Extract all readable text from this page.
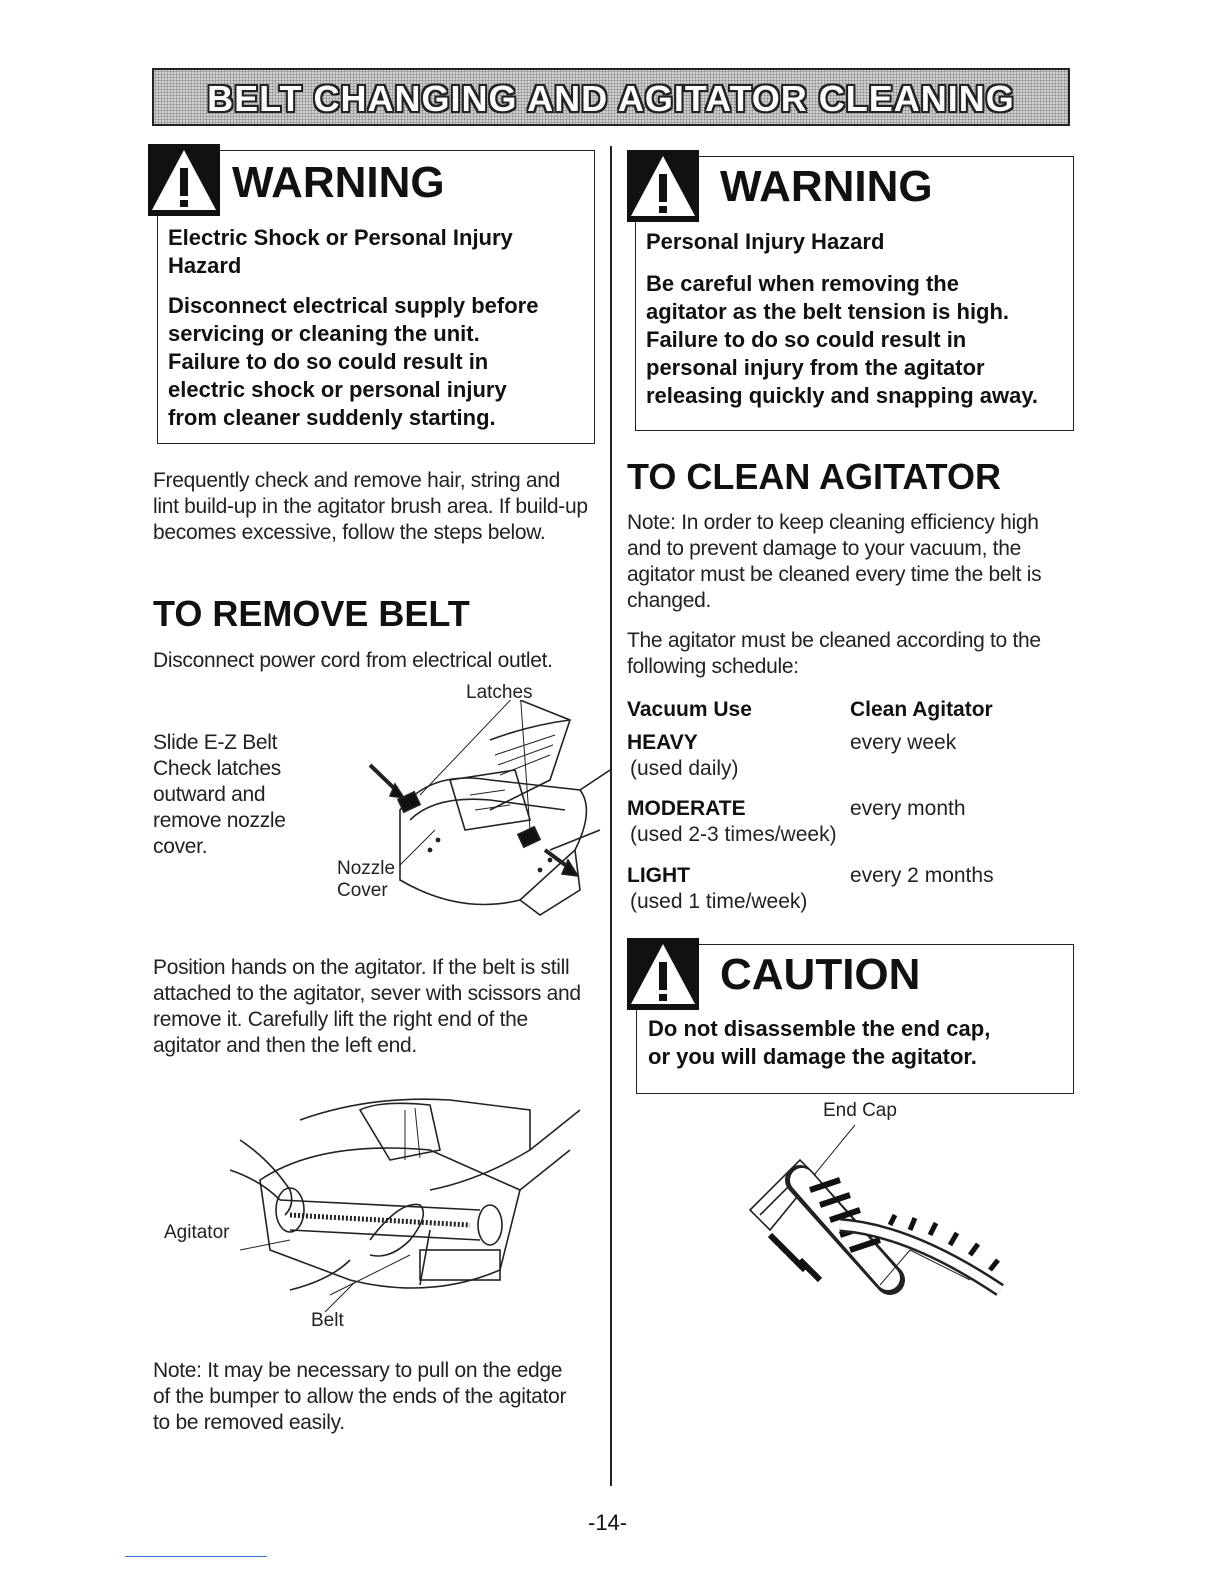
BELT CHANGING AND AGITATOR CLEANING
WARNING
Electric Shock or Personal Injury
Hazard
Disconnect electrical supply before
servicing or cleaning the unit.
Failure to do so could result in
electric shock or personal injury
from cleaner suddenly starting.
Frequently check and remove hair, string and
lint build-up in the agitator brush area. If build-up
becomes excessive, follow the steps below.
TO REMOVE BELT
Disconnect power cord from electrical outlet.
Slide E-Z Belt
Check latches
outward and
remove nozzle
cover.
Latches
Nozzle
Cover
Position hands on the agitator. If the belt is still
attached to the agitator, sever with scissors and
remove it. Carefully lift the right end of the
agitator and then the left end.
Agitator
Belt
Note: It may be necessary to pull on the edge
of the bumper to allow the ends of the agitator
to be removed easily.
WARNING
Personal Injury Hazard
Be careful when removing the
agitator as the belt tension is high.
Failure to do so could result in
personal injury from the agitator
releasing quickly and snapping away.
TO CLEAN AGITATOR
Note: In order to keep cleaning efficiency high
and to prevent damage to your vacuum, the
agitator must be cleaned every time the belt is
changed.
The agitator must be cleaned according to the
following schedule:
Vacuum Use	Clean Agitator
HEAVY	every week
(used daily)
MODERATE	every month
(used 2-3 times/week)
LIGHT	every 2 months
(used 1 time/week)
CAUTION
Do not disassemble the end cap,
or you will damage the agitator.
End Cap
-14-
